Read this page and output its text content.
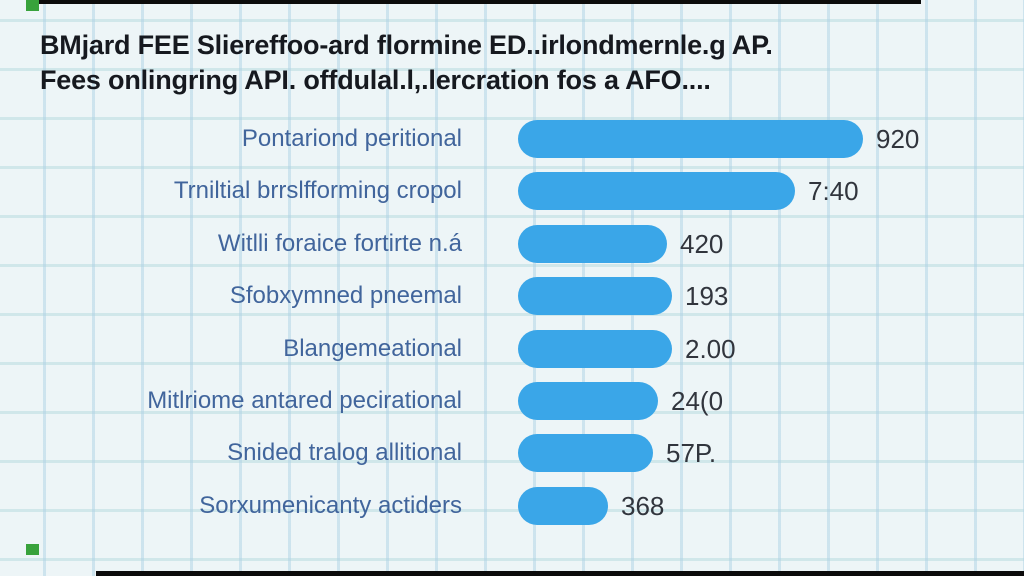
BMjard FEE Sliereffoo-ard flormine ED..irlondmernle.g AP.
Fees onlingring API. offdulal.l,.lercration fos a AFO....
Pontariond peritional	920
Trniltial brrslfforming cropol	7:40
Witlli foraice fortirte n.á	420
Sfobxymned pneemal	193
Blangemeational	2.00
Mitlriome antared pecirational	24(0
Snided tralog allitional	57P.
Sorxumenicanty actiders	368
